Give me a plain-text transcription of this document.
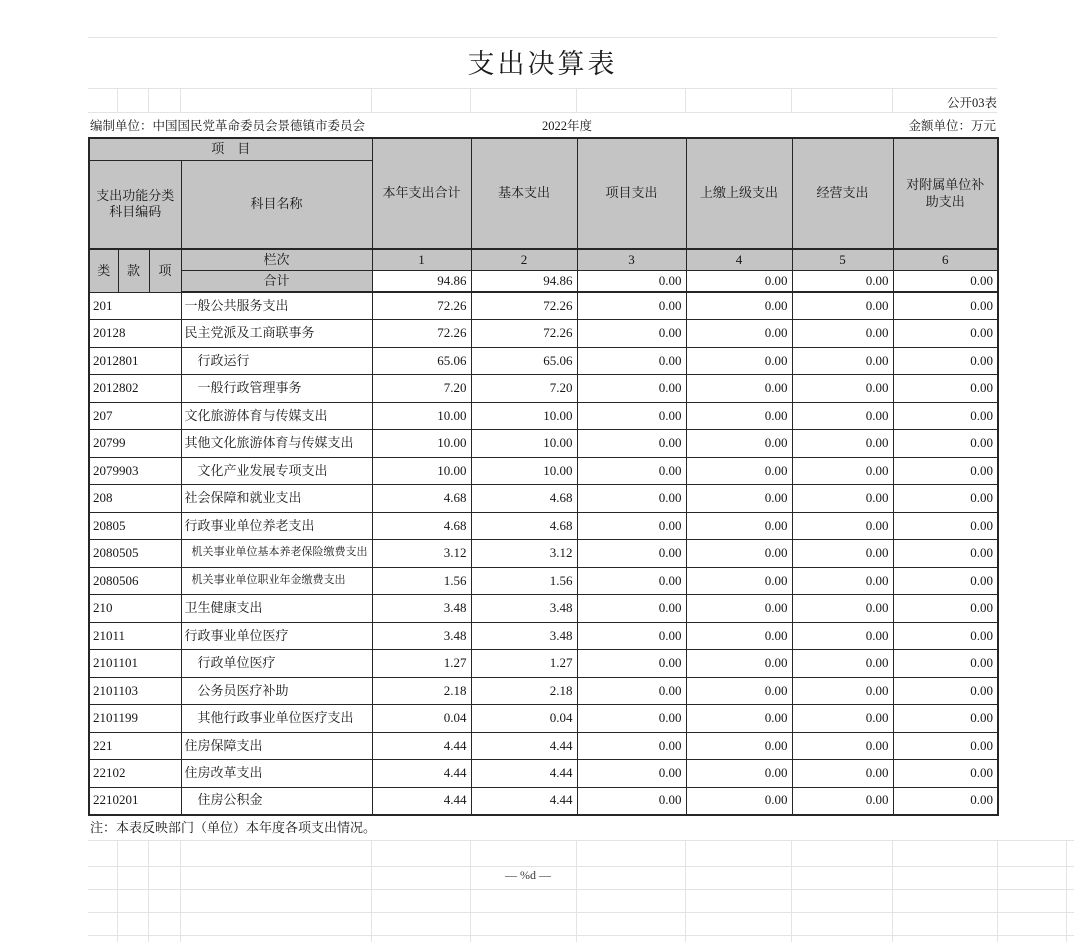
支出决算表
公开03表
编制单位：中国国民党革命委员会景德镇市委员会	2022年度	金额单位：万元
项　目				本年支出合计	基本支出	项目支出	上缴上级支出	经营支出	对附属单位补助支出
支出功能分类科目编码			科目名称						
类	款	项	栏次	1	2	3	4	5	6
			合计	94.86	94.86	0.00	0.00	0.00	0.00
201			一般公共服务支出	72.26	72.26	0.00	0.00	0.00	0.00
20128			民主党派及工商联事务	72.26	72.26	0.00	0.00	0.00	0.00
2012801			行政运行	65.06	65.06	0.00	0.00	0.00	0.00
2012802			一般行政管理事务	7.20	7.20	0.00	0.00	0.00	0.00
207			文化旅游体育与传媒支出	10.00	10.00	0.00	0.00	0.00	0.00
20799			其他文化旅游体育与传媒支出	10.00	10.00	0.00	0.00	0.00	0.00
2079903			文化产业发展专项支出	10.00	10.00	0.00	0.00	0.00	0.00
208			社会保障和就业支出	4.68	4.68	0.00	0.00	0.00	0.00
20805			行政事业单位养老支出	4.68	4.68	0.00	0.00	0.00	0.00
2080505			机关事业单位基本养老保险缴费支出	3.12	3.12	0.00	0.00	0.00	0.00
2080506			机关事业单位职业年金缴费支出	1.56	1.56	0.00	0.00	0.00	0.00
210			卫生健康支出	3.48	3.48	0.00	0.00	0.00	0.00
21011			行政事业单位医疗	3.48	3.48	0.00	0.00	0.00	0.00
2101101			行政单位医疗	1.27	1.27	0.00	0.00	0.00	0.00
2101103			公务员医疗补助	2.18	2.18	0.00	0.00	0.00	0.00
2101199			其他行政事业单位医疗支出	0.04	0.04	0.00	0.00	0.00	0.00
221			住房保障支出	4.44	4.44	0.00	0.00	0.00	0.00
22102			住房改革支出	4.44	4.44	0.00	0.00	0.00	0.00
2210201			住房公积金	4.44	4.44	0.00	0.00	0.00	0.00
注：本表反映部门（单位）本年度各项支出情况。
— %d —
